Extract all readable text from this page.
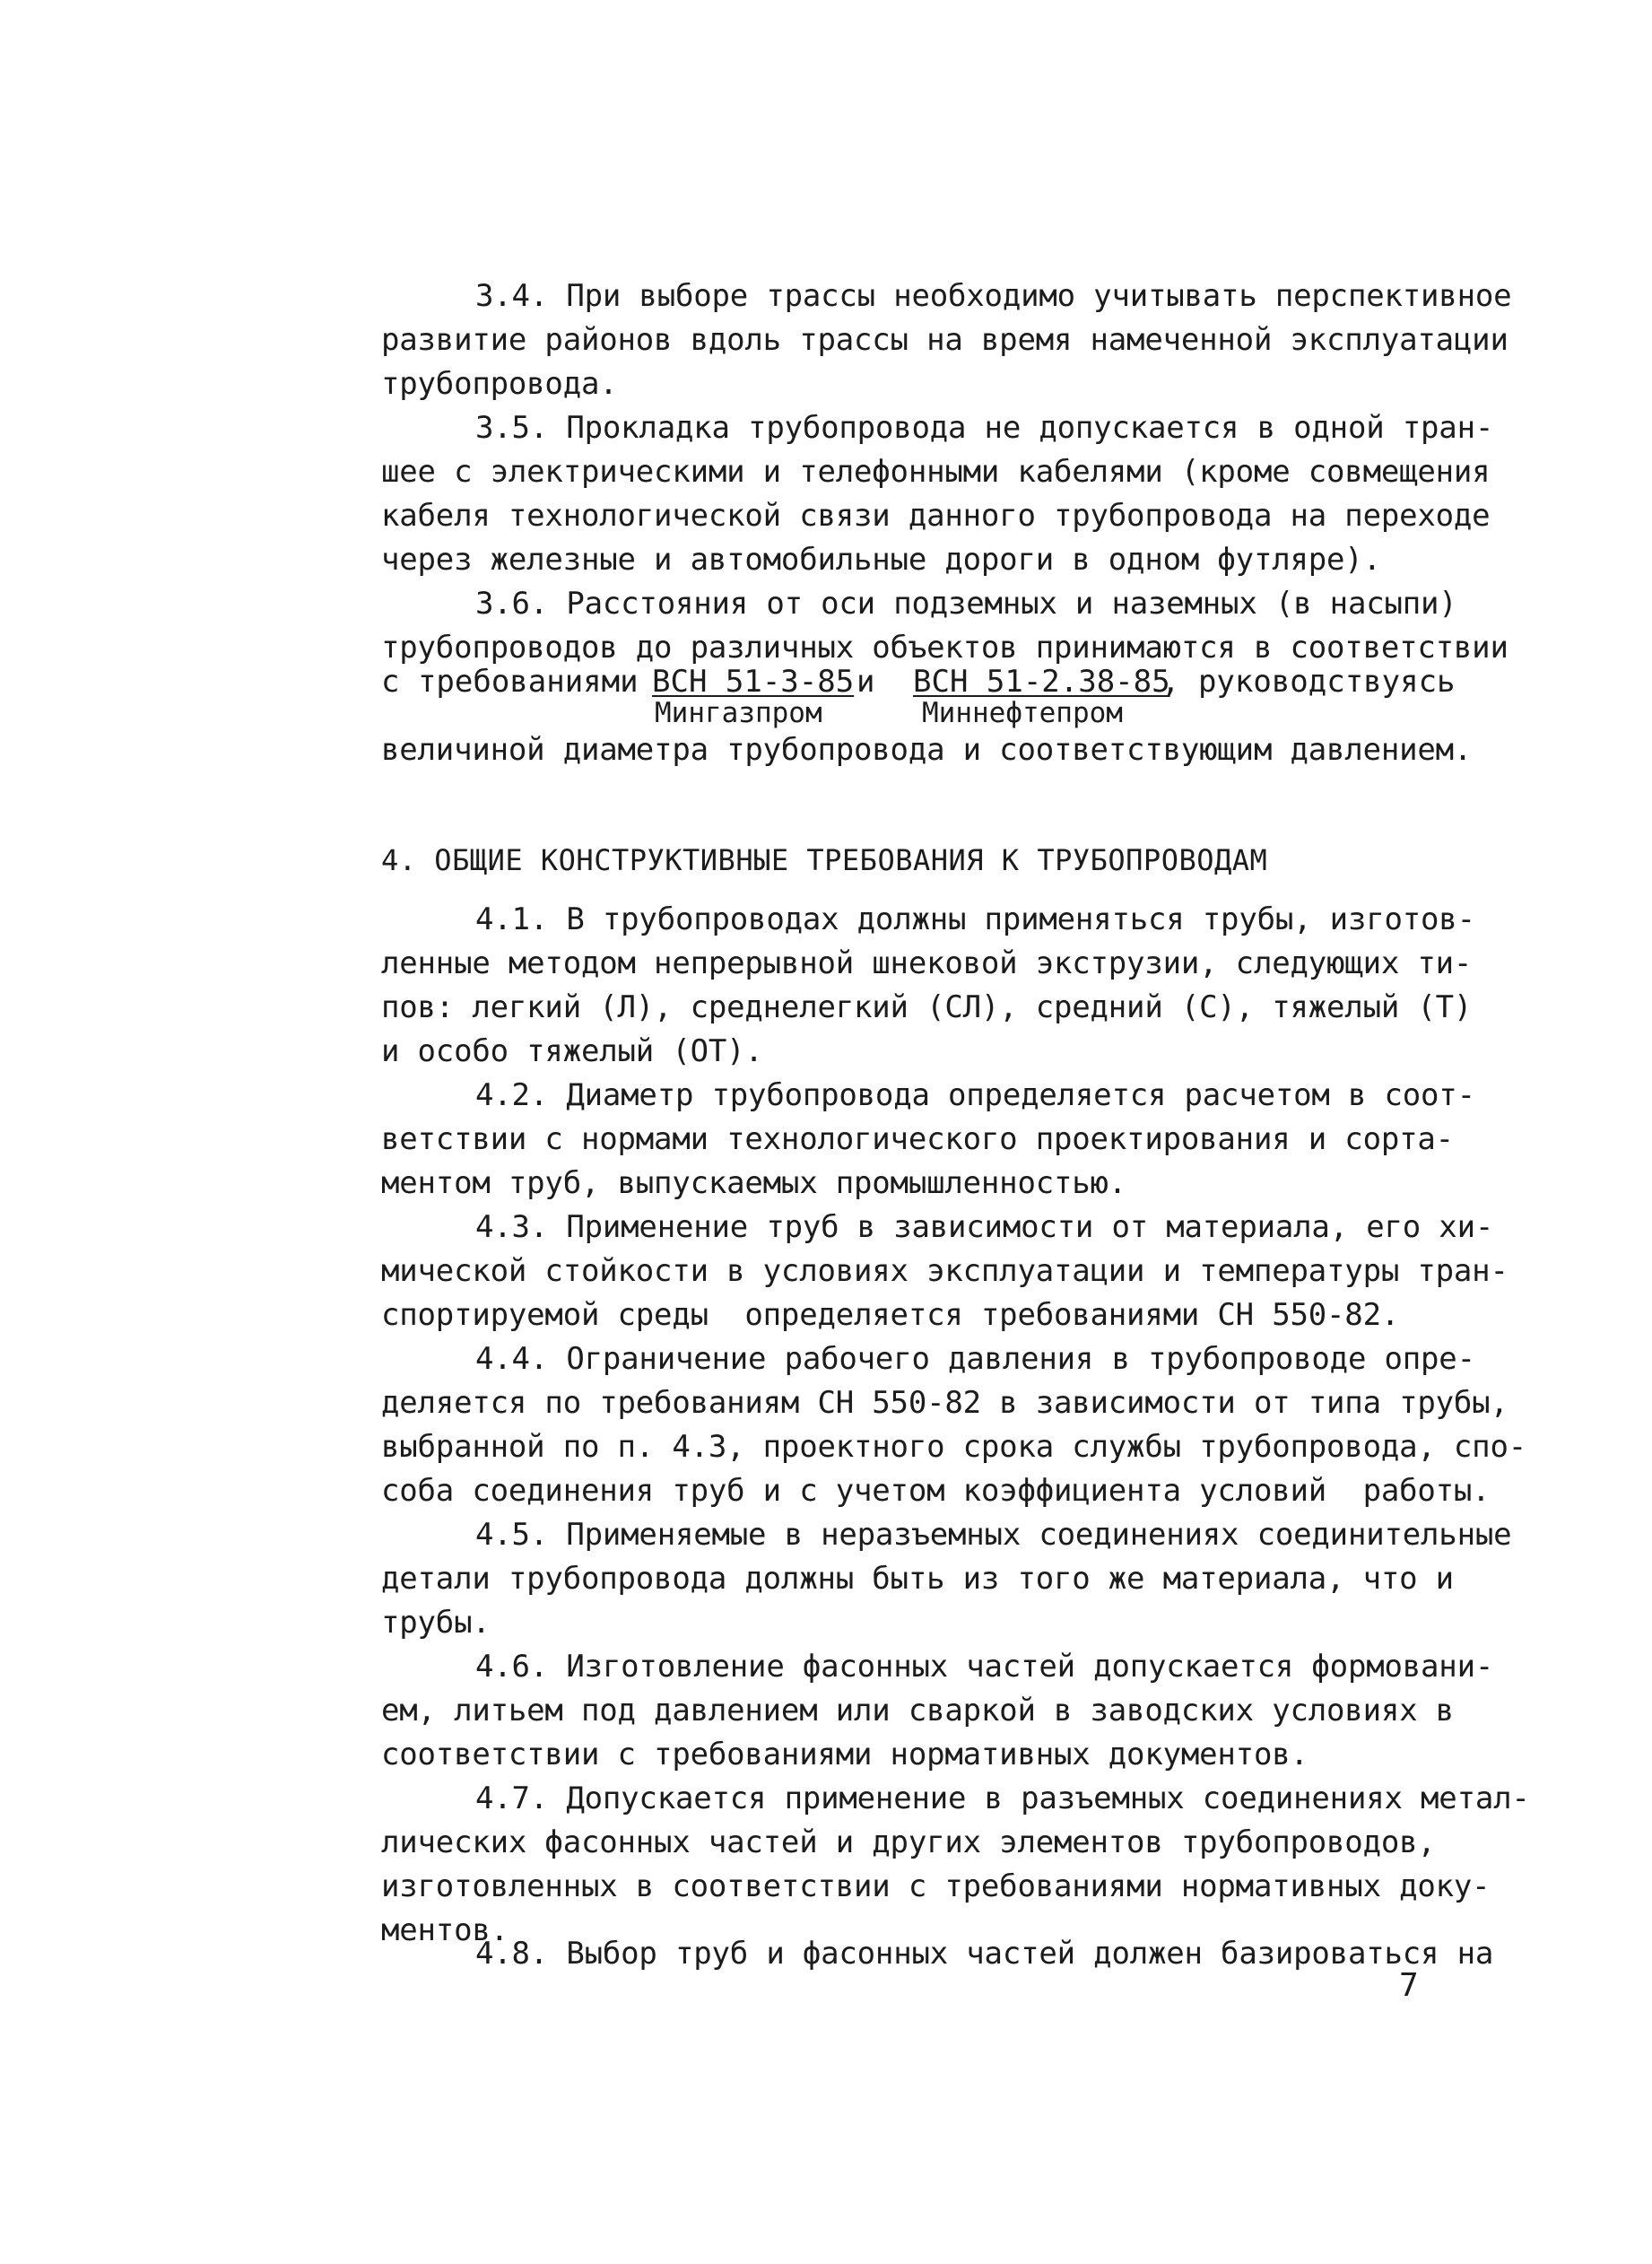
3.4. При выборе трассы необходимо учитывать перспективное
развитие районов вдоль трассы на время намеченной эксплуатации
трубопровода.
3.5. Прокладка трубопровода не допускается в одной тран-
шее с электрическими и телефонными кабелями (кроме совмещения
кабеля технологической связи данного трубопровода на переходе
через железные и автомобильные дороги в одном футляре).
3.6. Расстояния от оси подземных и наземных (в насыпи)
трубопроводов до различных объектов принимаются в соответствии
с требованиями ВСН 51-3-85
Мингазпром
и ВСН 51-2.38-85
Миннефтепром
, руководствуясь
величиной диаметра трубопровода и соответствующим давлением.
4. ОБЩИЕ КОНСТРУКТИВНЫЕ ТРЕБОВАНИЯ К ТРУБОПРОВОДАМ
4.1. В трубопроводах должны применяться трубы, изготов-
ленные методом непрерывной шнековой экструзии, следующих ти-
пов: легкий (Л), среднелегкий (СЛ), средний (С), тяжелый (Т)
и особо тяжелый (ОТ).
4.2. Диаметр трубопровода определяется расчетом в соот-
ветствии с нормами технологического проектирования и сорта-
ментом труб, выпускаемых промышленностью.
4.3. Применение труб в зависимости от материала, его хи-
мической стойкости в условиях эксплуатации и температуры тран-
спортируемой среды  определяется требованиями СН 550-82.
4.4. Ограничение рабочего давления в трубопроводе опре-
деляется по требованиям СН 550-82 в зависимости от типа трубы,
выбранной по п. 4.3, проектного срока службы трубопровода, спо-
соба соединения труб и с учетом коэффициента условий  работы.
4.5. Применяемые в неразъемных соединениях соединительные
детали трубопровода должны быть из того же материала, что и
трубы.
4.6. Изготовление фасонных частей допускается формовани-
ем, литьем под давлением или сваркой в заводских условиях в
соответствии с требованиями нормативных документов.
4.7. Допускается применение в разъемных соединениях метал-
лических фасонных частей и других элементов трубопроводов,
изготовленных в соответствии с требованиями нормативных доку-
ментов.
4.8. Выбор труб и фасонных частей должен базироваться на
7
